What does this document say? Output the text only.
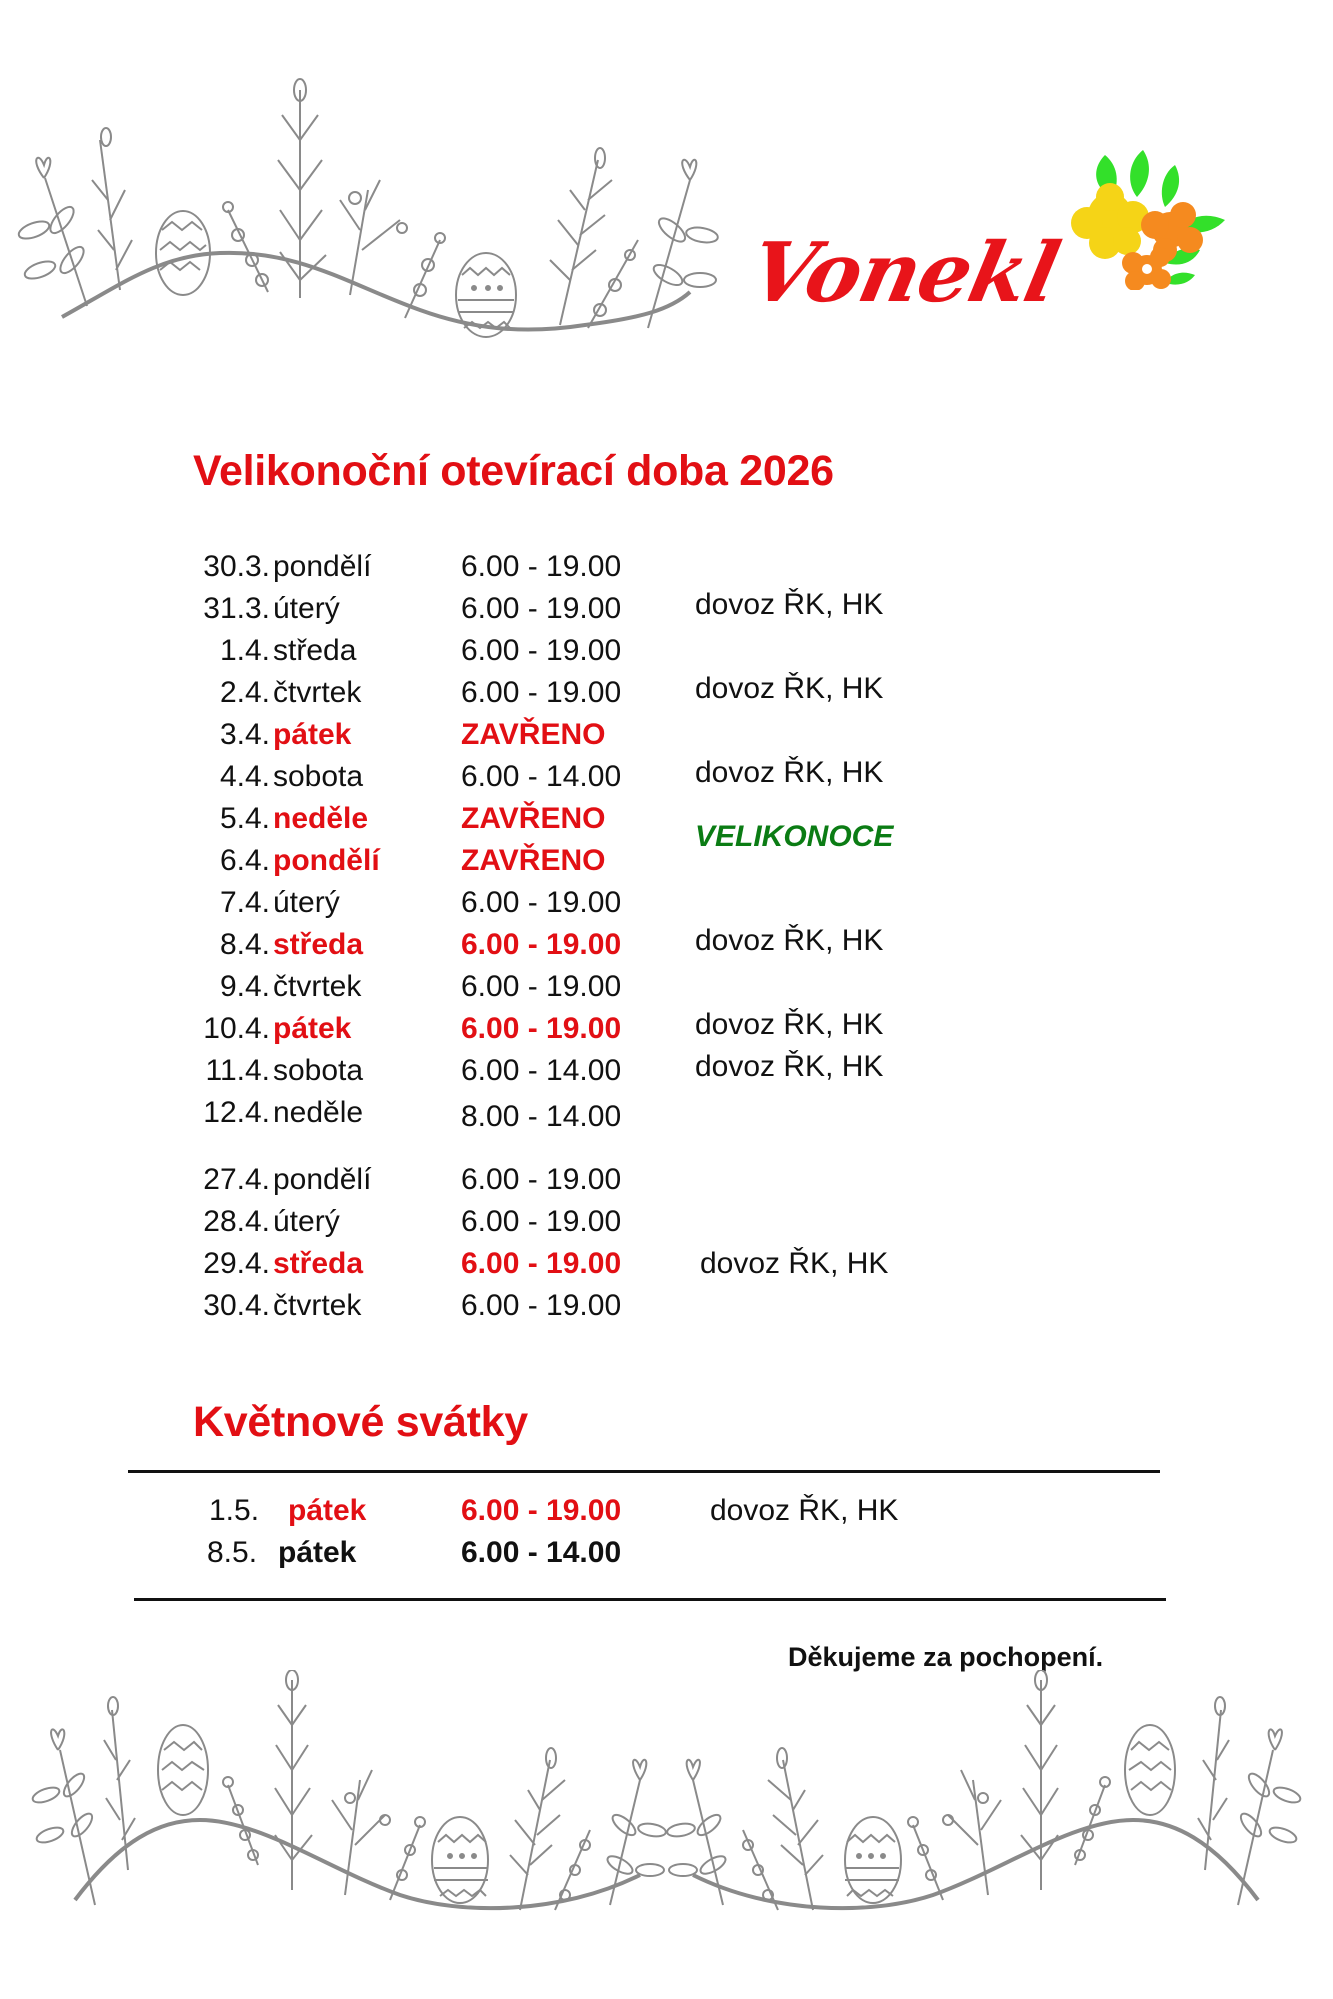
Vonekl
Velikonoční otevírací doba 2026
30.3. pondělí	6.00 - 19.00
31.3. úterý	6.00 - 19.00 dovoz ŘK, HK
1.4. středa	6.00 - 19.00
2.4. čtvrtek	6.00 - 19.00 dovoz ŘK, HK
3.4. pátek	ZAVŘENO
4.4. sobota	6.00 - 14.00 dovoz ŘK, HK
5.4. neděle	ZAVŘENO
VELIKONOCE
6.4. pondělí	ZAVŘENO
7.4. úterý	6.00 - 19.00
8.4. středa	6.00 - 19.00 dovoz ŘK, HK
9.4. čtvrtek	6.00 - 19.00
10.4. pátek	6.00 - 19.00 dovoz ŘK, HK
11.4. sobota	6.00 - 14.00 dovoz ŘK, HK
12.4. neděle	8.00 - 14.00
27.4. pondělí	6.00 - 19.00
28.4. úterý	6.00 - 19.00
29.4. středa	6.00 - 19.00	dovoz ŘK, HK
30.4. čtvrtek	6.00 - 19.00
Květnové svátky
1.5. pátek	6.00 - 19.00	dovoz ŘK, HK
8.5. pátek	6.00 - 14.00
Děkujeme za pochopení.
